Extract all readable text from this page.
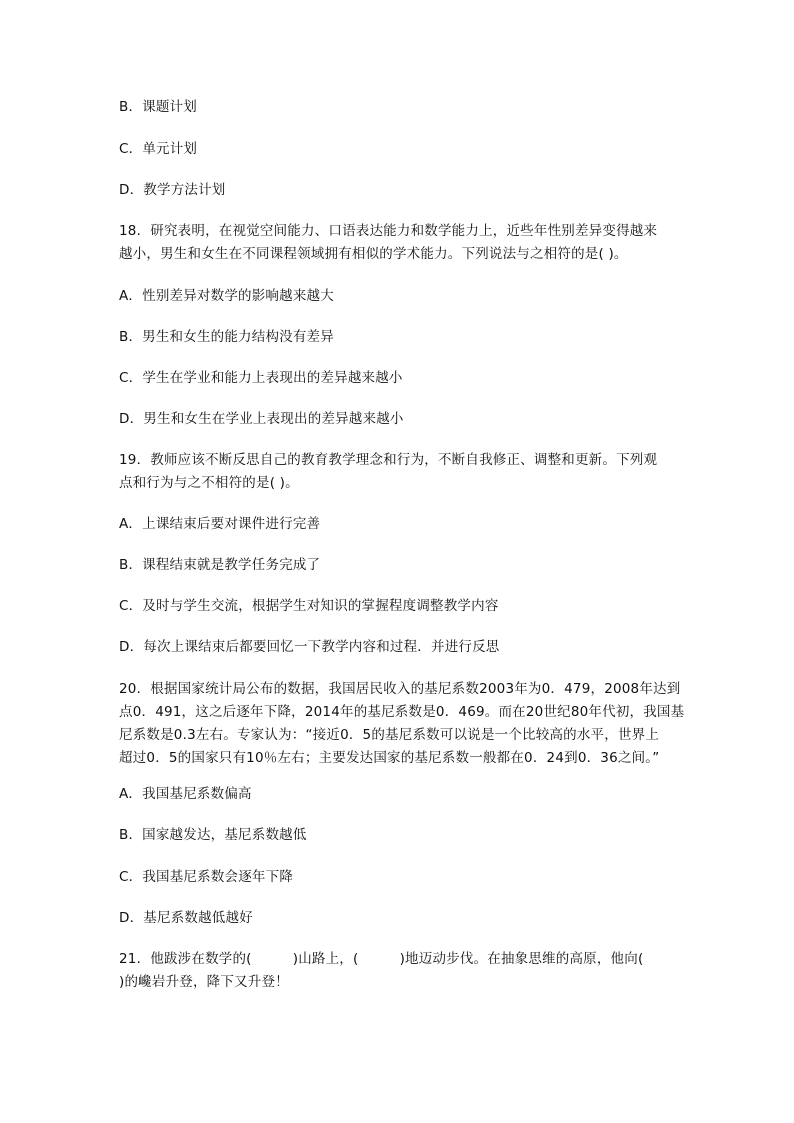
B．课题计划
C．单元计划
D．教学方法计划
18．研究表明，在视觉空间能力、口语表达能力和数学能力上，近些年性别差异变得越来
越小，男生和女生在不同课程领域拥有相似的学术能力。下列说法与之相符的是( )。
A．性别差异对数学的影响越来越大
B．男生和女生的能力结构没有差异
C．学生在学业和能力上表现出的差异越来越小
D．男生和女生在学业上表现出的差异越来越小
19．教师应该不断反思自己的教育教学理念和行为，不断自我修正、调整和更新。下列观
点和行为与之不相符的是( )。
A．上课结束后要对课件进行完善
B．课程结束就是教学任务完成了
C．及时与学生交流，根据学生对知识的掌握程度调整教学内容
D．每次上课结束后都要回忆一下教学内容和过程．并进行反思
20．根据国家统计局公布的数据，我国居民收入的基尼系数2003年为0．479，2008年达到
点0．491，这之后逐年下降，2014年的基尼系数是0．469。而在20世纪80年代初，我国基
尼系数是0.3左右。专家认为：“接近0．5的基尼系数可以说是一个比较高的水平，世界上
超过0．5的国家只有10％左右；主要发达国家的基尼系数一般都在0．24到0．36之间。”
A．我国基尼系数偏高
B．国家越发达，基尼系数越低
C．我国基尼系数会逐年下降
D．基尼系数越低越好
21．他跋涉在数学的(　　　)山路上，(　　　)地迈动步伐。在抽象思维的高原，他向(
)的巉岩升登，降下又升登！
